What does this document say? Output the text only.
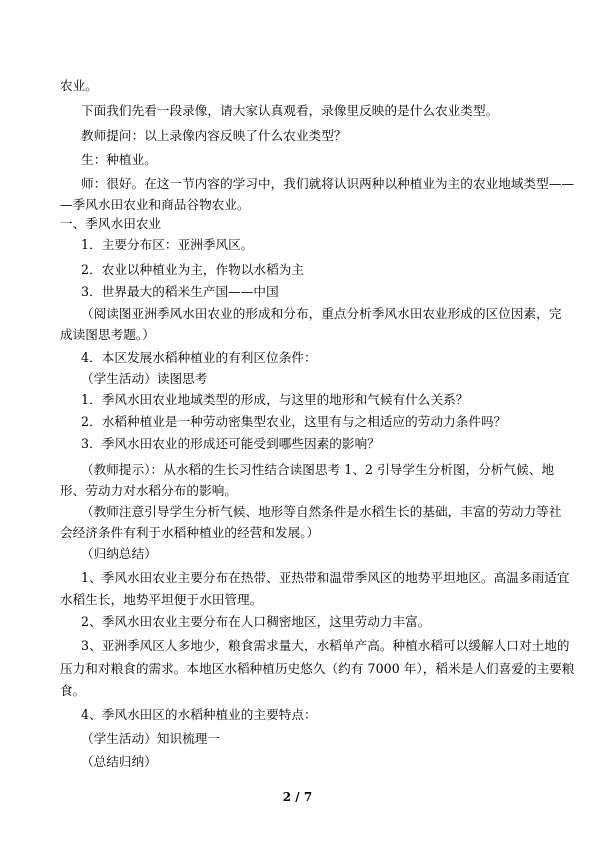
农业。
下面我们先看一段录像，请大家认真观看，录像里反映的是什么农业类型。
教师提问：以上录像内容反映了什么农业类型？
生：种植业。
师：很好。在这一节内容的学习中，我们就将认识两种以种植业为主的农业地域类型——
—季风水田农业和商品谷物农业。
一、季风水田农业
1．主要分布区：亚洲季风区。
2．农业以种植业为主，作物以水稻为主
3．世界最大的稻米生产国——中国
（阅读图亚洲季风水田农业的形成和分布，重点分析季风水田农业形成的区位因素，完
成读图思考题。）
4．本区发展水稻种植业的有利区位条件：
（学生活动）读图思考
1．季风水田农业地域类型的形成，与这里的地形和气候有什么关系？
2．水稻种植业是一种劳动密集型农业，这里有与之相适应的劳动力条件吗？
3．季风水田农业的形成还可能受到哪些因素的影响？
（教师提示）：从水稻的生长习性结合读图思考 1、2 引导学生分析图，分析气候、地
形、劳动力对水稻分布的影响。
（教师注意引导学生分析气候、地形等自然条件是水稻生长的基础，丰富的劳动力等社
会经济条件有利于水稻种植业的经营和发展。）
（归纳总结）
1、季风水田农业主要分布在热带、亚热带和温带季风区的地势平坦地区。高温多雨适宜
水稻生长，地势平坦便于水田管理。
2、季风水田农业主要分布在人口稠密地区，这里劳动力丰富。
3、亚洲季风区人多地少，粮食需求量大，水稻单产高。种植水稻可以缓解人口对土地的
压力和对粮食的需求。本地区水稻种植历史悠久（约有 7000 年），稻米是人们喜爱的主要粮
食。
4、季风水田区的水稻种植业的主要特点：
（学生活动）知识梳理一
（总结归纳）
2 / 7
